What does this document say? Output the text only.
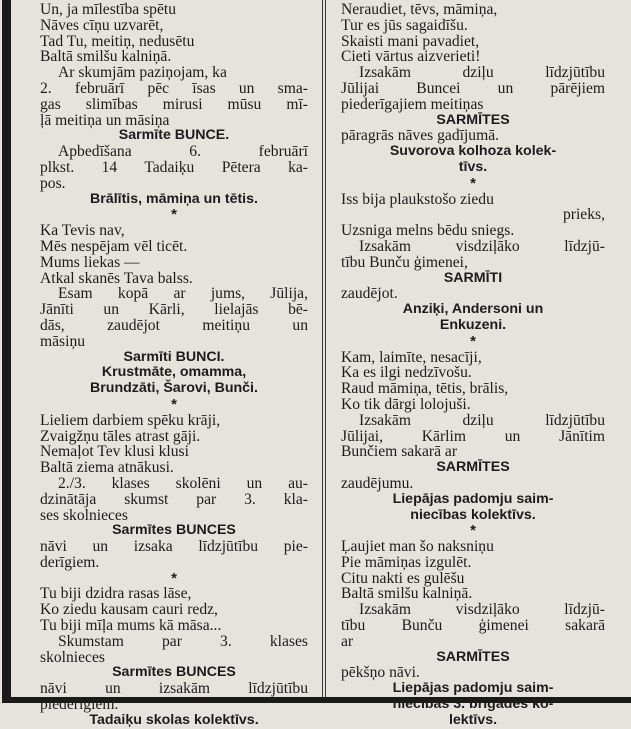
Un, ja mīlestība spētu
Nāves cīņu uzvarēt,
Tad Tu, meitiņ, nedusētu
Baltā smilšu kalniņā.
Ar skumjām paziņojam, ka
2. februārī pēc īsas un sma-
gas slimības mirusi mūsu mī-
ļā meitiņa un māsiņa
Sarmīte BUNCE.
Apbedīšana 6. februārī
plkst. 14 Tadaiķu Pētera ka-
pos.
Brālītis, māmiņa un tētis.
*
Ka Tevis nav,
Mēs nespējam vēl ticēt.
Mums liekas —
Atkal skanēs Tava balss.
Esam kopā ar jums, Jūlija,
Jānīti un Kārli, lielajās bē-
dās, zaudējot meitiņu un
māsiņu
Sarmīti BUNCI.
Krustmāte, omamma,
Brundzāti, Šarovi, Bunči.
*
Lieliem darbiem spēku krāji,
Zvaigžņu tāles atrast gāji.
Nemaļot Tev klusi klusi
Baltā ziema atnākusi.
2./3. klases skolēni un au-
dzinātāja skumst par 3. kla-
ses skolnieces
Sarmītes BUNCES
nāvi un izsaka līdzjūtību pie-
derīgiem.
*
Tu biji dzidra rasas lāse,
Ko ziedu kausam cauri redz,
Tu biji mīļa mums kā māsa...
Skumstam par 3. klases
skolnieces
Sarmītes BUNCES
nāvi un izsakām līdzjūtību
piederīgiem.
Tadaiķu skolas kolektīvs.
Neraudiet, tēvs, māmiņa,
Tur es jūs sagaidīšu.
Skaisti mani pavadiet,
Cieti vārtus aizverieti!
Izsakām dziļu līdzjūtību
Jūlijai Buncei un pārējiem
piederīgajiem meitiņas
SARMĪTES
pāragrās nāves gadījumā.
Suvorova kolhoza kolek-
tīvs.
*
Iss bija plaukstošo ziedu
prieks,
Uzsniga melns bēdu sniegs.
Izsakām visdziļāko līdzjū-
tību Bunču ģimenei,
SARMĪTI
zaudējot.
Anziķi, Andersoni un
Enkuzeni.
*
Kam, laimīte, nesacīji,
Ka es ilgi nedzīvošu.
Raud māmiņa, tētis, brālis,
Ko tik dārgi lolojuši.
Izsakām dziļu līdzjūtību
Jūlijai, Kārlim un Jānītim
Bunčiem sakarā ar
SARMĪTES
zaudējumu.
Liepājas padomju saim-
niecības kolektīvs.
*
Ļaujiet man šo naksniņu
Pie māmiņas izgulēt.
Citu nakti es gulēšu
Baltā smilšu kalniņā.
Izsakām visdziļāko līdzjū-
tību Bunču ģimenei sakarā
ar
SARMĪTES
pēkšņo nāvi.
Liepājas padomju saim-
niecības 3. brigādes ko-
lektīvs.
